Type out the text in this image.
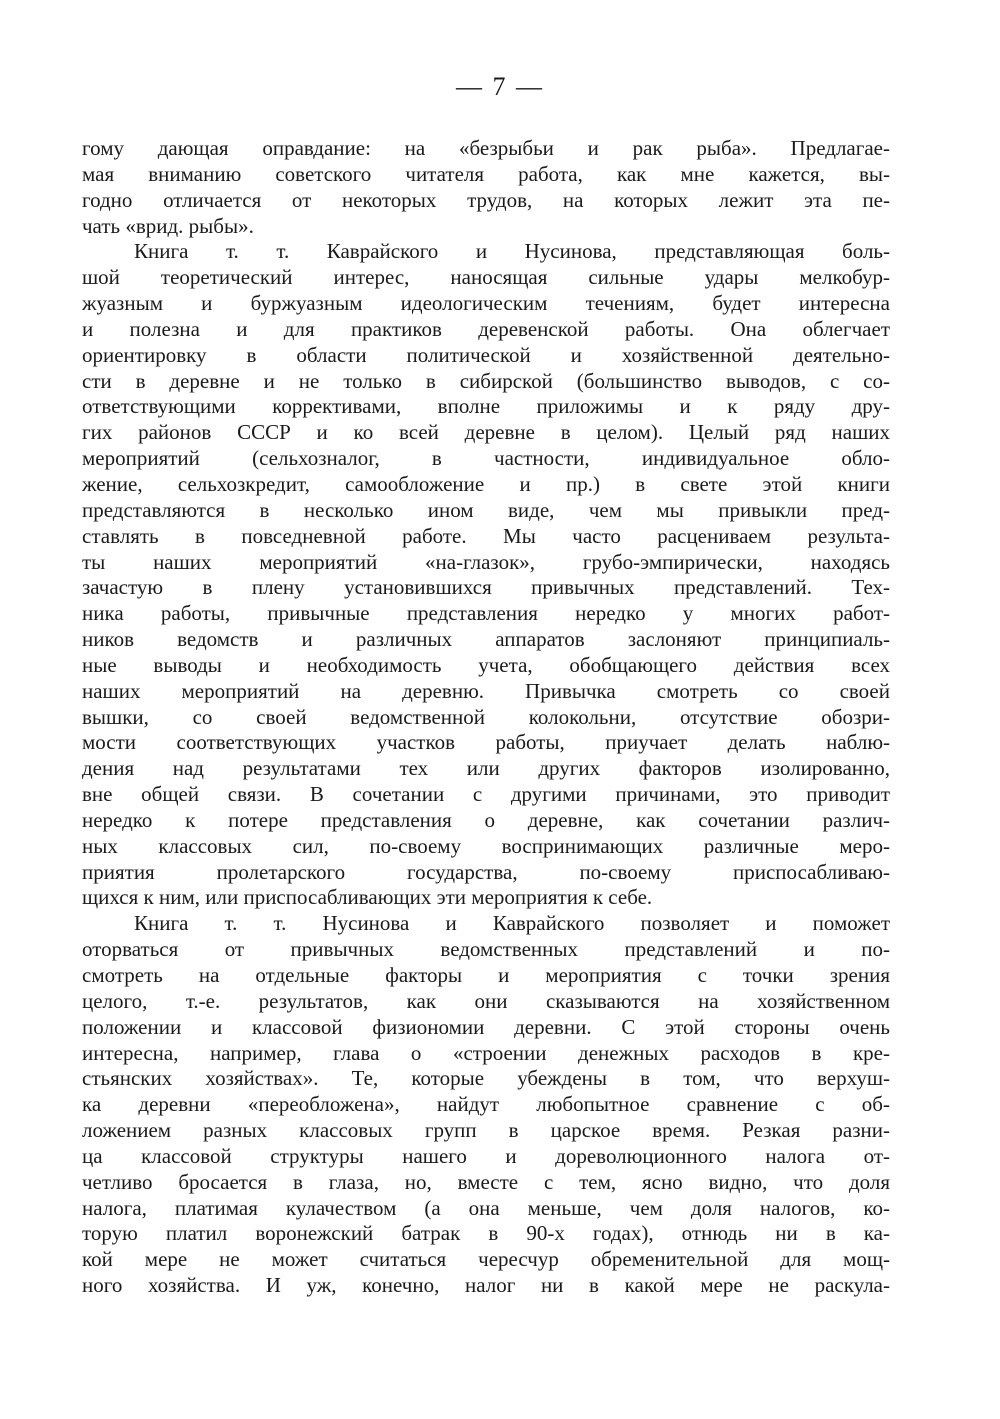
— 7 —
гому дающая оправдание: на «безрыбьи и рак рыба». Предлагае-
мая вниманию советского читателя работа, как мне кажется, вы-
годно отличается от некоторых трудов, на которых лежит эта пе-
чать «врид. рыбы».
Книга т. т. Каврайского и Нусинова, представляющая боль-
шой теоретический интерес, наносящая сильные удары мелкобур-
жуазным и буржуазным идеологическим течениям, будет интересна
и полезна и для практиков деревенской работы. Она облегчает
ориентировку в области политической и хозяйственной деятельно-
сти в деревне и не только в сибирской (большинство выводов, с со-
ответствующими коррективами, вполне приложимы и к ряду дру-
гих районов СССР и ко всей деревне в целом). Целый ряд наших
мероприятий (сельхозналог, в частности, индивидуальное обло-
жение, сельхозкредит, самообложение и пр.) в свете этой книги
представляются в несколько ином виде, чем мы привыкли пред-
ставлять в повседневной работе. Мы часто расцениваем результа-
ты наших мероприятий «на-глазок», грубо-эмпирически, находясь
зачастую в плену установившихся привычных представлений. Тех-
ника работы, привычные представления нередко у многих работ-
ников ведомств и различных аппаратов заслоняют принципиаль-
ные выводы и необходимость учета, обобщающего действия всех
наших мероприятий на деревню. Привычка смотреть со своей
вышки, со своей ведомственной колокольни, отсутствие обозри-
мости соответствующих участков работы, приучает делать наблю-
дения над результатами тех или других факторов изолированно,
вне общей связи. В сочетании с другими причинами, это приводит
нередко к потере представления о деревне, как сочетании различ-
ных классовых сил, по-своему воспринимающих различные меро-
приятия пролетарского государства, по-своему приспосабливаю-
щихся к ним, или приспосабливающих эти мероприятия к себе.
Книга т. т. Нусинова и Каврайского позволяет и поможет
оторваться от привычных ведомственных представлений и по-
смотреть на отдельные факторы и мероприятия с точки зрения
целого, т.-е. результатов, как они сказываются на хозяйственном
положении и классовой физиономии деревни. С этой стороны очень
интересна, например, глава о «строении денежных расходов в кре-
стьянских хозяйствах». Те, которые убеждены в том, что верхуш-
ка деревни «переобложена», найдут любопытное сравнение с об-
ложением разных классовых групп в царское время. Резкая разни-
ца классовой структуры нашего и дореволюционного налога от-
четливо бросается в глаза, но, вместе с тем, ясно видно, что доля
налога, платимая кулачеством (а она меньше, чем доля налогов, ко-
торую платил воронежский батрак в 90-х годах), отнюдь ни в ка-
кой мере не может считаться чересчур обременительной для мощ-
ного хозяйства. И уж, конечно, налог ни в какой мере не раскула-
